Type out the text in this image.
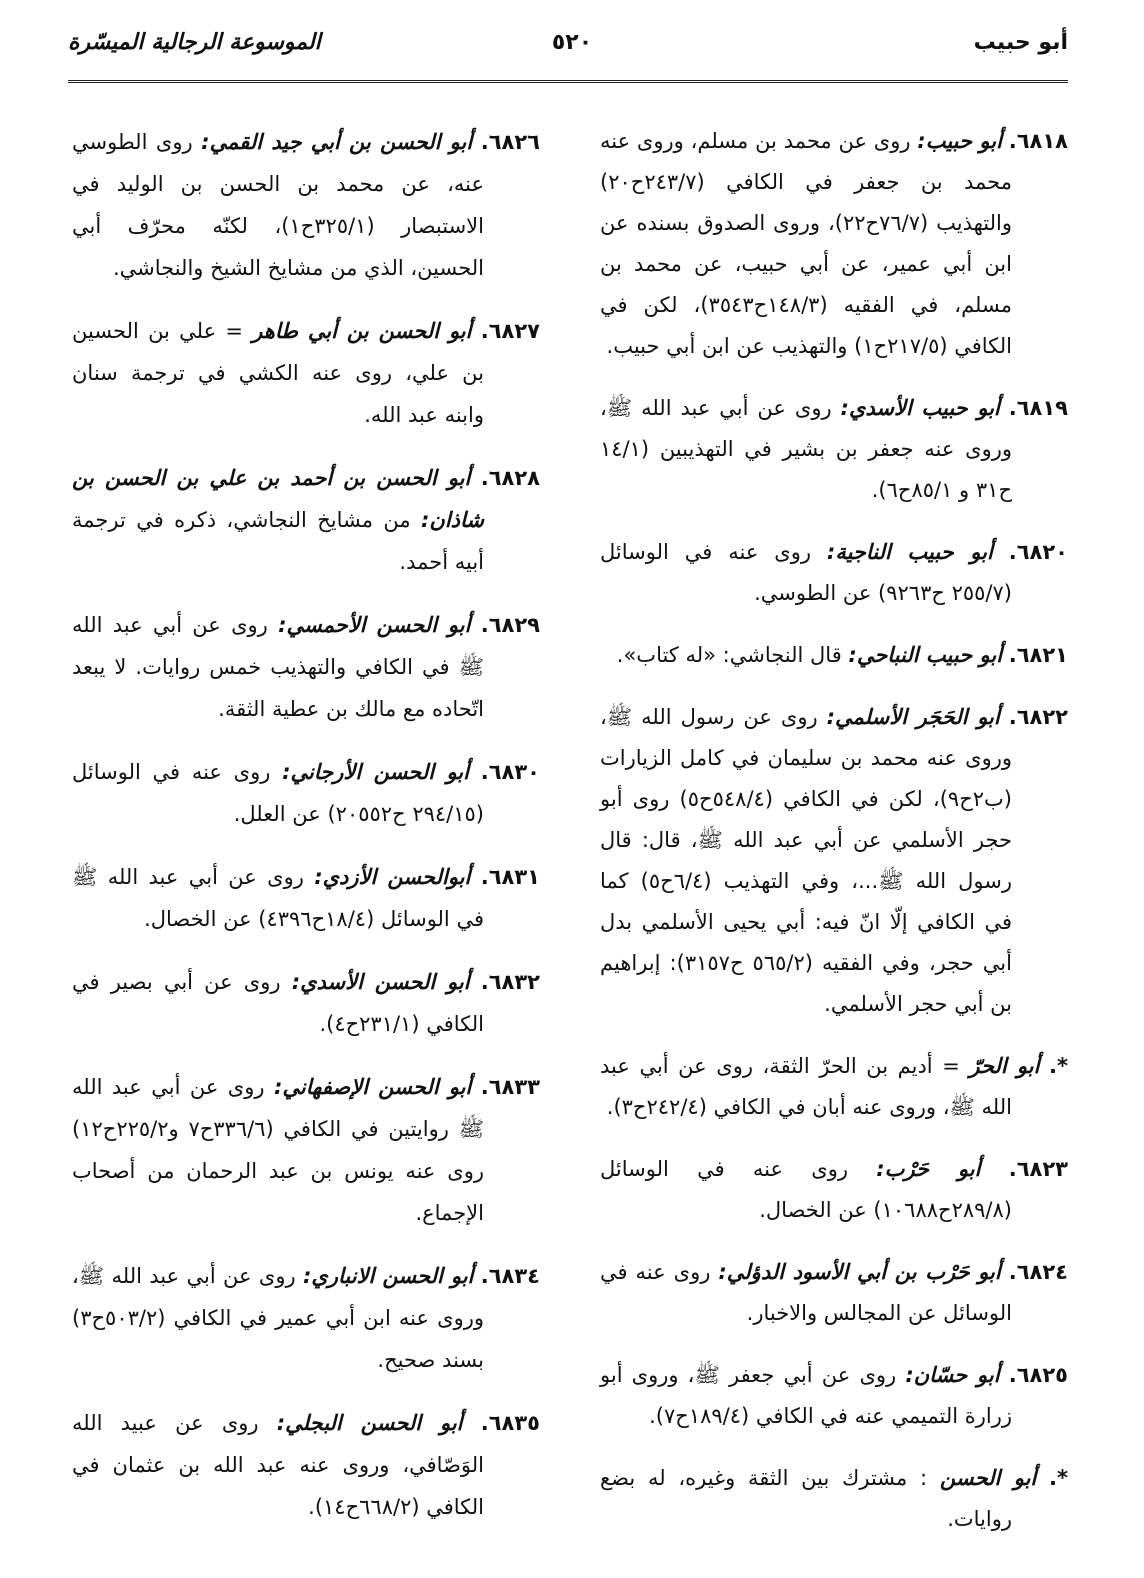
أبو حبيب
٥٢٠
الموسوعة الرجالية الميسّرة

٦٨١٨. أبو حبيب: روى عن محمد بن مسلم، وروى عنه محمد بن جعفر في الكافي (٢٤٣/٧ح٢٠) والتهذيب (٧٦/٧ح٢٢)، وروى الصدوق بسنده عن ابن أبي عمير، عن أبي حبيب، عن محمد بن مسلم، في الفقيه (١٤٨/٣ح٣٥٤٣)، لكن في الكافي (٢١٧/٥ح١) والتهذيب عن ابن أبي حبيب.

٦٨١٩. أبو حبيب الأسدي: روى عن أبي عبد الله ﷺ، وروى عنه جعفر بن بشير في التهذيبين (١٤/١ ح٣١ و ٨٥/١ح٦).

٦٨٢٠. أبو حبيب الناجية: روى عنه في الوسائل (٢٥٥/٧ ح٩٢٦٣) عن الطوسي.

٦٨٢١. أبو حبيب النباحي: قال النجاشي: «له كتاب».

٦٨٢٢. أبو الحَجَر الأسلمي: روى عن رسول الله ﷺ، وروى عنه محمد بن سليمان في كامل الزيارات (ب٢ح٩)، لكن في الكافي (٥٤٨/٤ح٥) روى أبو حجر الأسلمي عن أبي عبد الله ﷺ، قال: قال رسول الله ﷺ...، وفي التهذيب (٦/٤ح٥) كما في الكافي إلّا انّ فيه: أبي يحيى الأسلمي بدل أبي حجر، وفي الفقيه (٥٦٥/٢ ح٣١٥٧): إبراهيم بن أبي حجر الأسلمي.

*. أبو الحرّ = أديم بن الحرّ الثقة، روى عن أبي عبد الله ﷺ، وروى عنه أبان في الكافي (٢٤٢/٤ح٣).

٦٨٢٣. أبو حَرْب: روى عنه في الوسائل (٢٨٩/٨ح١٠٦٨٨) عن الخصال.

٦٨٢٤. أبو حَرْب بن أبي الأسود الدؤلي: روى عنه في الوسائل عن المجالس والاخبار.

٦٨٢٥. أبو حسّان: روى عن أبي جعفر ﷺ، وروى أبو زرارة التميمي عنه في الكافي (١٨٩/٤ح٧).

*. أبو الحسن : مشترك بين الثقة وغيره، له بضع روايات.

٦٨٢٦. أبو الحسن بن أبي جيد القمي: روى الطوسي عنه، عن محمد بن الحسن بن الوليد في الاستبصار (٣٢٥/١ح١)، لكنّه محرّف أبي الحسين، الذي من مشايخ الشيخ والنجاشي.

٦٨٢٧. أبو الحسن بن أبي طاهر = علي بن الحسين بن علي، روى عنه الكشي في ترجمة سنان وابنه عبد الله.

٦٨٢٨. أبو الحسن بن أحمد بن علي بن الحسن بن شاذان: من مشايخ النجاشي، ذكره في ترجمة أبيه أحمد.

٦٨٢٩. أبو الحسن الأحمسي: روى عن أبي عبد الله ﷺ في الكافي والتهذيب خمس روايات. لا يبعد اتّحاده مع مالك بن عطية الثقة.

٦٨٣٠. أبو الحسن الأرجاني: روى عنه في الوسائل (٢٩٤/١٥ ح٢٠٥٥٢) عن العلل.

٦٨٣١. أبوالحسن الأزدي: روى عن أبي عبد الله ﷺ في الوسائل (١٨/٤ح٤٣٩٦) عن الخصال.

٦٨٣٢. أبو الحسن الأسدي: روى عن أبي بصير في الكافي (٢٣١/١ح٤).

٦٨٣٣. أبو الحسن الإصفهاني: روى عن أبي عبد الله ﷺ روايتين في الكافي (٣٣٦/٦ح٧ و٢٢٥/٢ح١٢) روى عنه يونس بن عبد الرحمان من أصحاب الإجماع.

٦٨٣٤. أبو الحسن الانباري: روى عن أبي عبد الله ﷺ، وروى عنه ابن أبي عمير في الكافي (٥٠٣/٢ح٣) بسند صحيح.

٦٨٣٥. أبو الحسن البجلي: روى عن عبيد الله الوَصّافي، وروى عنه عبد الله بن عثمان في الكافي (٦٦٨/٢ح١٤).
